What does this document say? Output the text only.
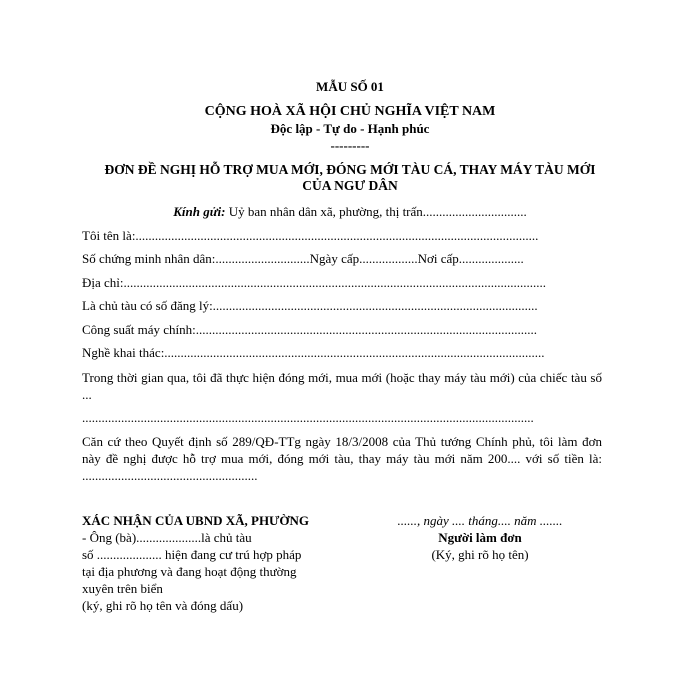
MẪU SỐ 01
CỘNG HOÀ XÃ HỘI CHỦ NGHĨA VIỆT NAM
Độc lập - Tự do - Hạnh phúc
---------
ĐƠN ĐỀ NGHỊ HỖ TRỢ MUA MỚI, ĐÓNG MỚI TÀU CÁ, THAY MÁY TÀU MỚI
CỦA NGƯ DÂN
Kính gửi: Uỷ ban nhân dân xã, phường, thị trấn................................
Tôi tên là:............................................................................................................................
Số chứng minh nhân dân:.............................Ngày cấp..................Nơi cấp....................
Địa chỉ:..................................................................................................................................
Là chủ tàu có số đăng lý:....................................................................................................
Công suất máy chính:.........................................................................................................
Nghề khai thác:.....................................................................................................................
Trong thời gian qua, tôi đã thực hiện đóng mới, mua mới (hoặc thay máy tàu mới) của chiếc tàu số ...
...........................................................................................................................................
Căn cứ theo Quyết định số 289/QĐ-TTg ngày 18/3/2008 của Thủ tướng Chính phủ, tôi làm đơn này đề nghị được hỗ trợ mua mới, đóng mới tàu, thay máy tàu mới năm 200.... với số tiền là: ......................................................
XÁC NHẬN CỦA UBND XÃ, PHƯỜNG
- Ông (bà)....................là chủ tàu
số .................... hiện đang cư trú hợp pháp
tại địa phương và đang hoạt động thường
xuyên trên biển
(ký, ghi rõ họ tên và đóng dấu)
......, ngày .... tháng.... năm .......
Người làm đơn
(Ký, ghi rõ họ tên)
